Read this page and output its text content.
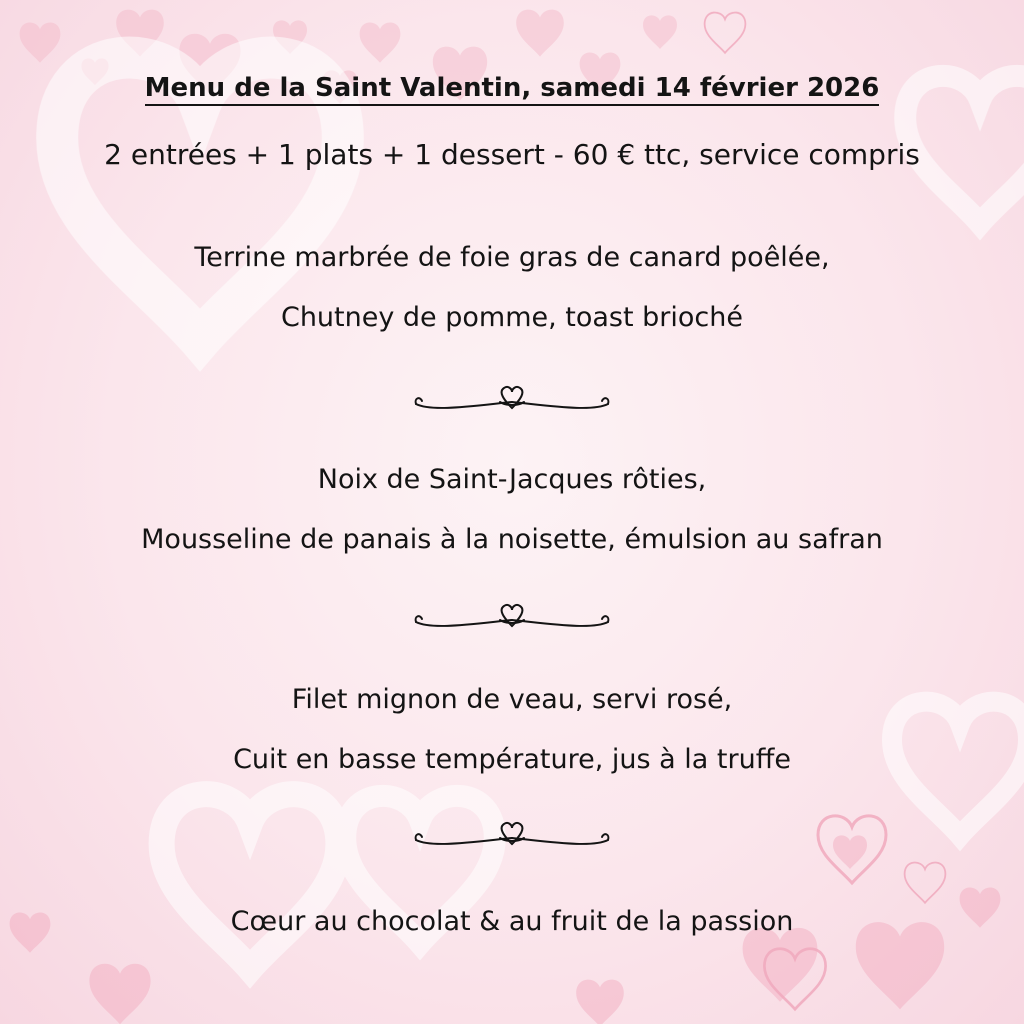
Menu de la Saint Valentin, samedi 14 février 2026
2 entrées + 1 plats + 1 dessert - 60 € ttc, service compris
Terrine marbrée de foie gras de canard poêlée,
Chutney de pomme, toast brioché
Noix de Saint-Jacques rôties,
Mousseline de panais à la noisette, émulsion au safran
Filet mignon de veau, servi rosé,
Cuit en basse température, jus à la truffe
Cœur au chocolat & au fruit de la passion
